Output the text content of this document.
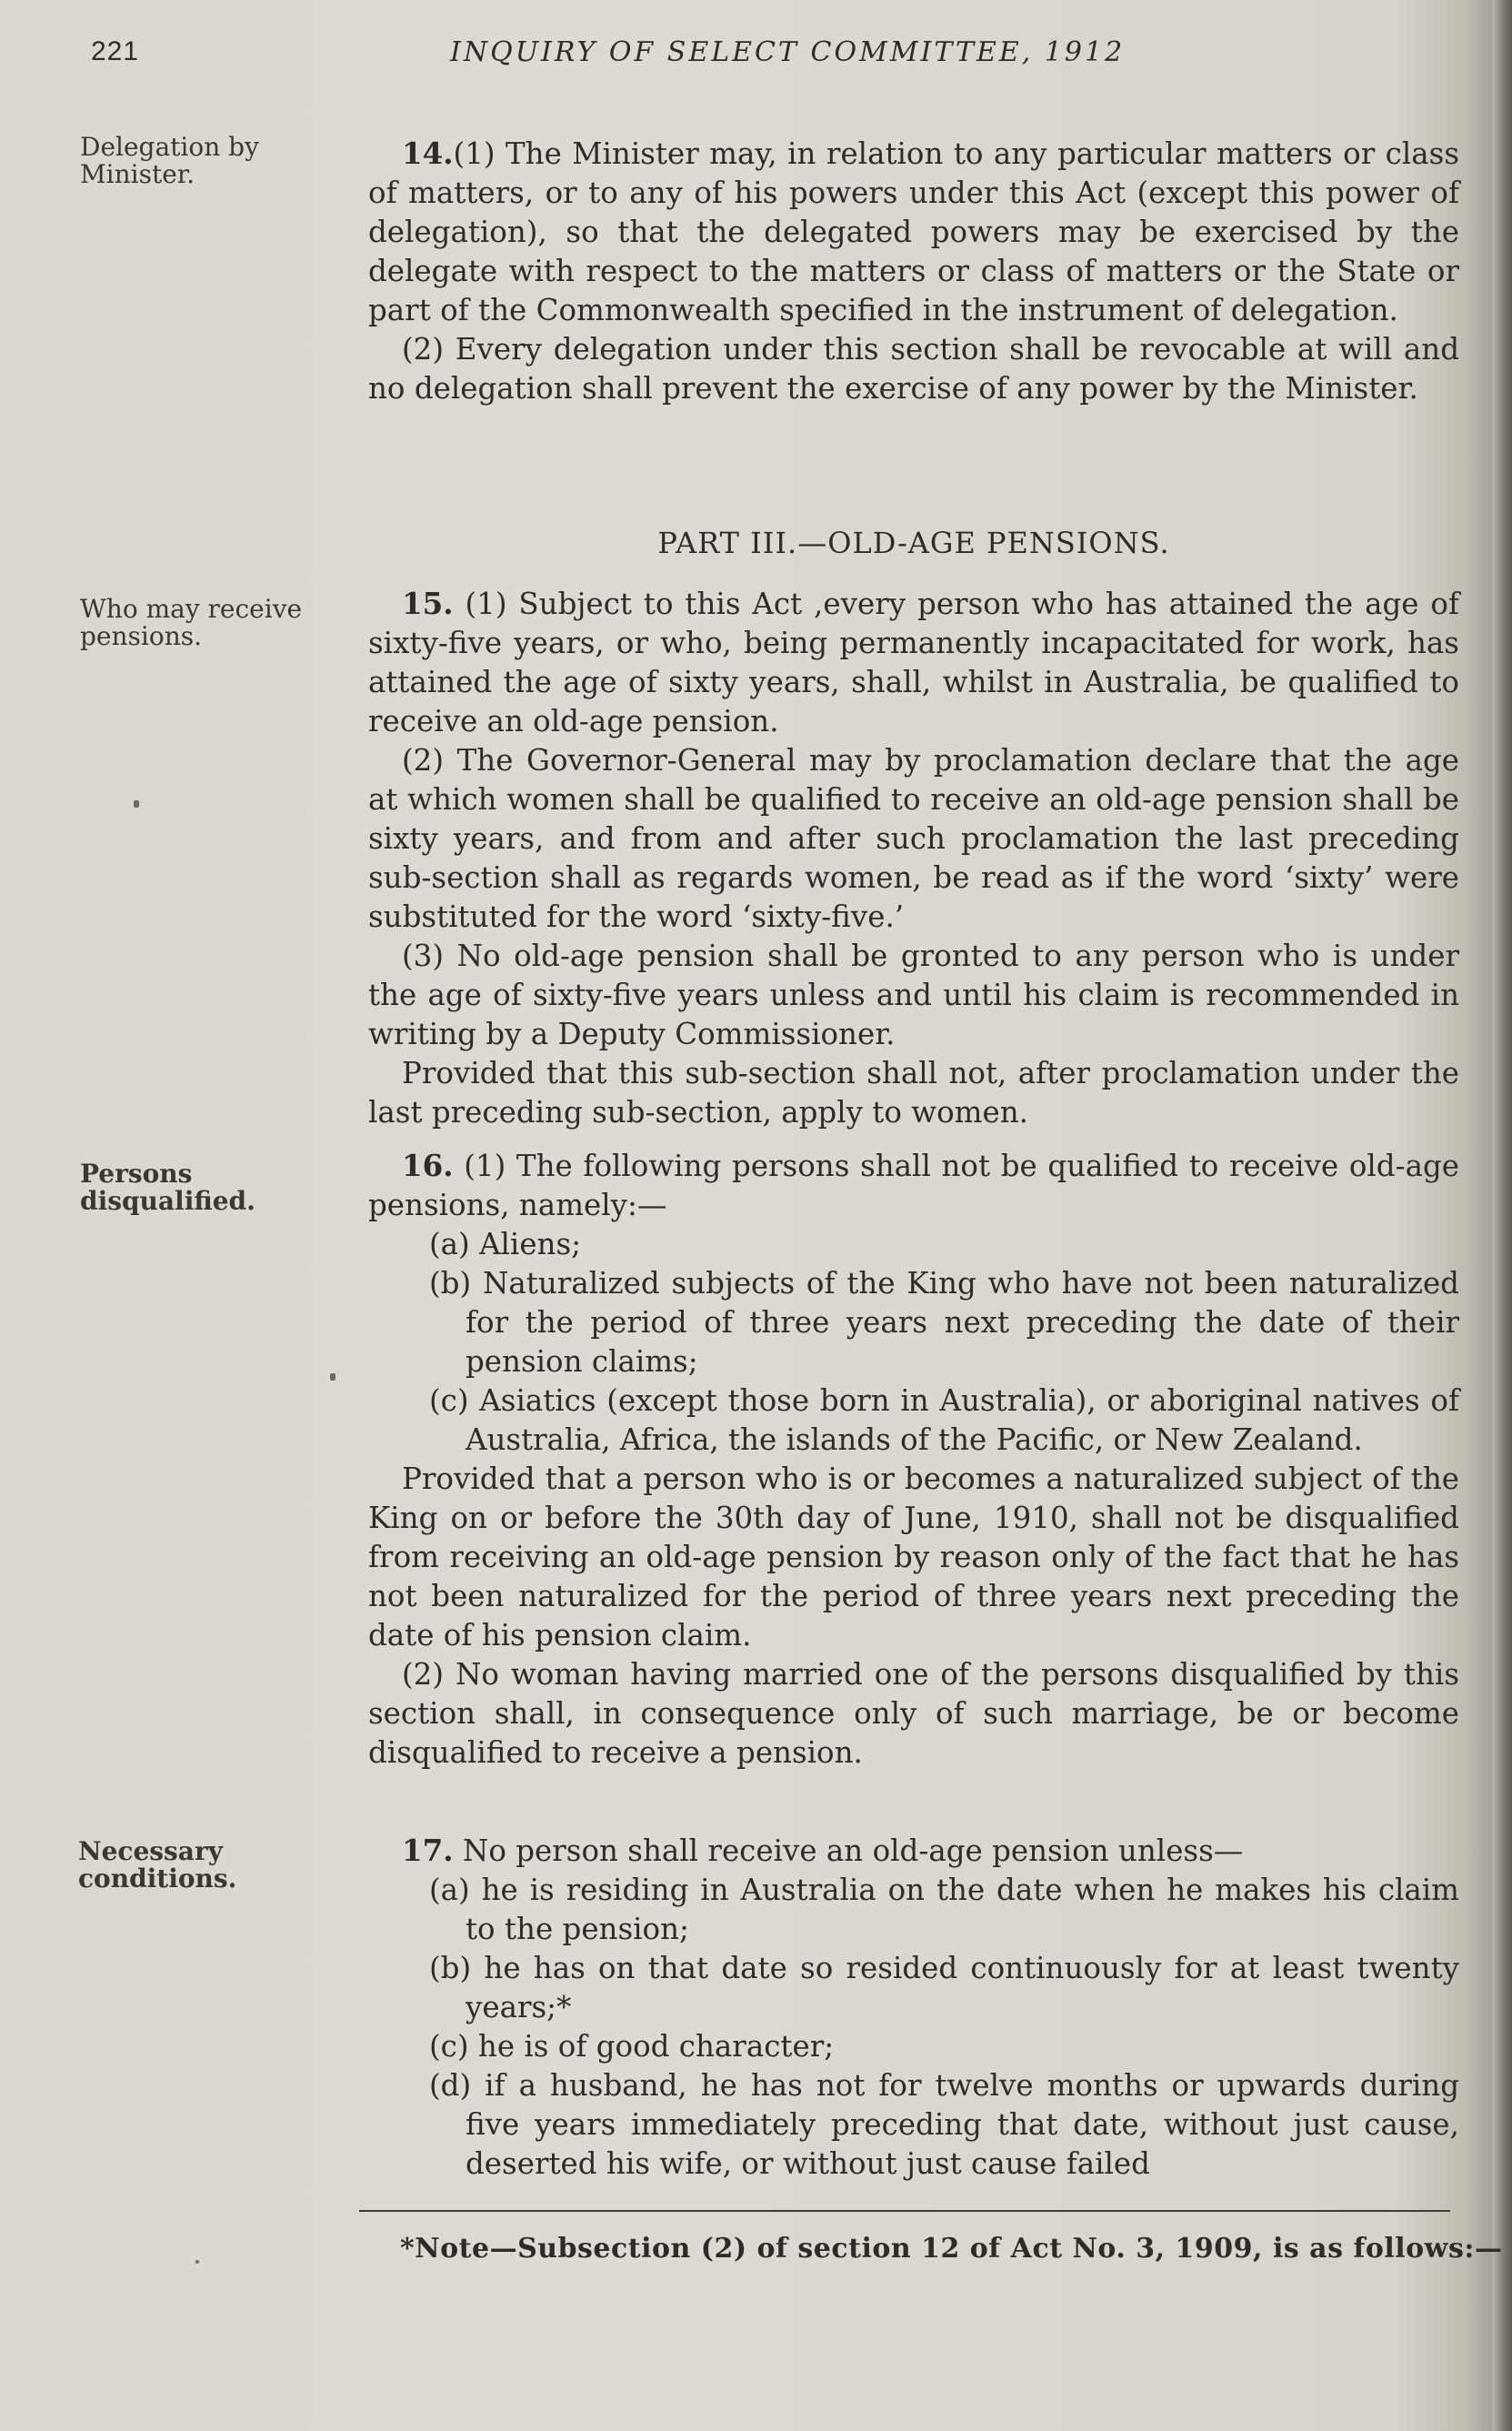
221	INQUIRY OF SELECT COMMITTEE, 1912
Delegation by Minister.
Who may receive pensions.
Persons disqualified.
Necessary conditions.

14.(1) The Minister may, in relation to any particular matters or class of matters, or to any of his powers under this Act (except this power of delegation), so that the delegated powers may be exercised by the delegate with respect to the matters or class of matters or the State or part of the Commonwealth specified in the instrument of delegation.

(2) Every delegation under this section shall be revocable at will and no delegation shall prevent the exercise of any power by the Minister.

PART III.—OLD-AGE PENSIONS.

15. (1) Subject to this Act ,every person who has attained the age of sixty-five years, or who, being permanently incapacitated for work, has attained the age of sixty years, shall, whilst in Australia, be qualified to receive an old-age pension.

(2) The Governor-General may by proclamation declare that the age at which women shall be qualified to receive an old-age pension shall be sixty years, and from and after such proclamation the last preceding sub-section shall as regards women, be read as if the word ‘sixty’ were substituted for the word ‘sixty-five.’

(3) No old-age pension shall be gronted to any person who is under the age of sixty-five years unless and until his claim is recommended in writing by a Deputy Commissioner.

Provided that this sub-section shall not, after proclamation under the last preceding sub-section, apply to women.

16. (1) The following persons shall not be qualified to receive old-age pensions, namely:—

(a) Aliens;

(b) Naturalized subjects of the King who have not been naturalized for the period of three years next preceding the date of their pension claims;

(c) Asiatics (except those born in Australia), or aboriginal natives of Australia, Africa, the islands of the Pacific, or New Zealand.

Provided that a person who is or becomes a naturalized subject of the King on or before the 30th day of June, 1910, shall not be disqualified from receiving an old-age pension by reason only of the fact that he has not been naturalized for the period of three years next preceding the date of his pension claim.

(2) No woman having married one of the persons disqualified by this section shall, in consequence only of such marriage, be or become disqualified to receive a pension.

17. No person shall receive an old-age pension unless—

(a) he is residing in Australia on the date when he makes his claim to the pension;

(b) he has on that date so resided continuously for at least twenty years;*

(c) he is of good character;

(d) if a husband, he has not for twelve months or upwards during five years immediately preceding that date, without just cause, deserted his wife, or without just cause failed

*Note—Subsection (2) of section 12 of Act No. 3, 1909, is as follows:—
